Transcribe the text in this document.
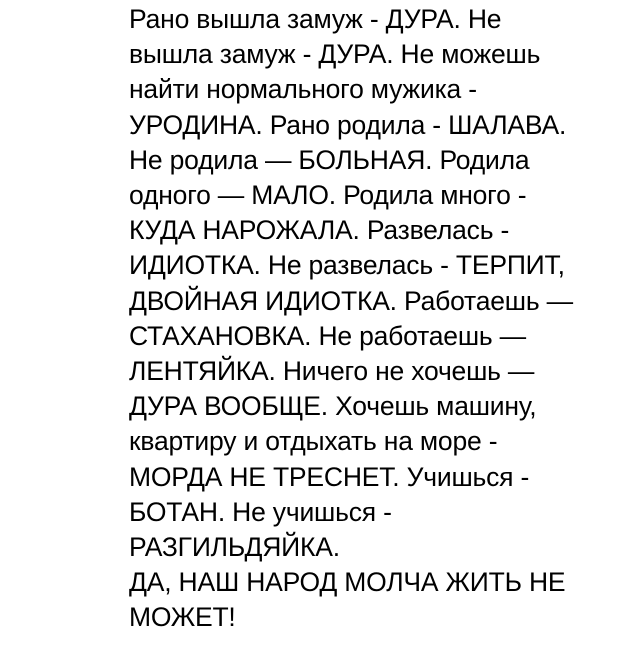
Рано вышла замуж - ДУРА. Не
вышла замуж - ДУРА. Не можешь
найти нормального мужика -
УРОДИНА. Рано родила - ШАЛАВА.
Не родила — БОЛЬНАЯ. Родила
одного — МАЛО. Родила много -
КУДА НАРОЖАЛА. Развелась -
ИДИОТКА. Не развелась - ТЕРПИТ,
ДВОЙНАЯ ИДИОТКА. Работаешь —
СТАХАНОВКА. Не работаешь —
ЛЕНТЯЙКА. Ничего не хочешь —
ДУРА ВООБЩЕ. Хочешь машину,
квартиру и отдыхать на море -
МОРДА НЕ ТРЕСНЕТ. Учишься -
БОТАН. Не учишься -
РАЗГИЛЬДЯЙКА.
ДА, НАШ НАРОД МОЛЧА ЖИТЬ НЕ
МОЖЕТ!
